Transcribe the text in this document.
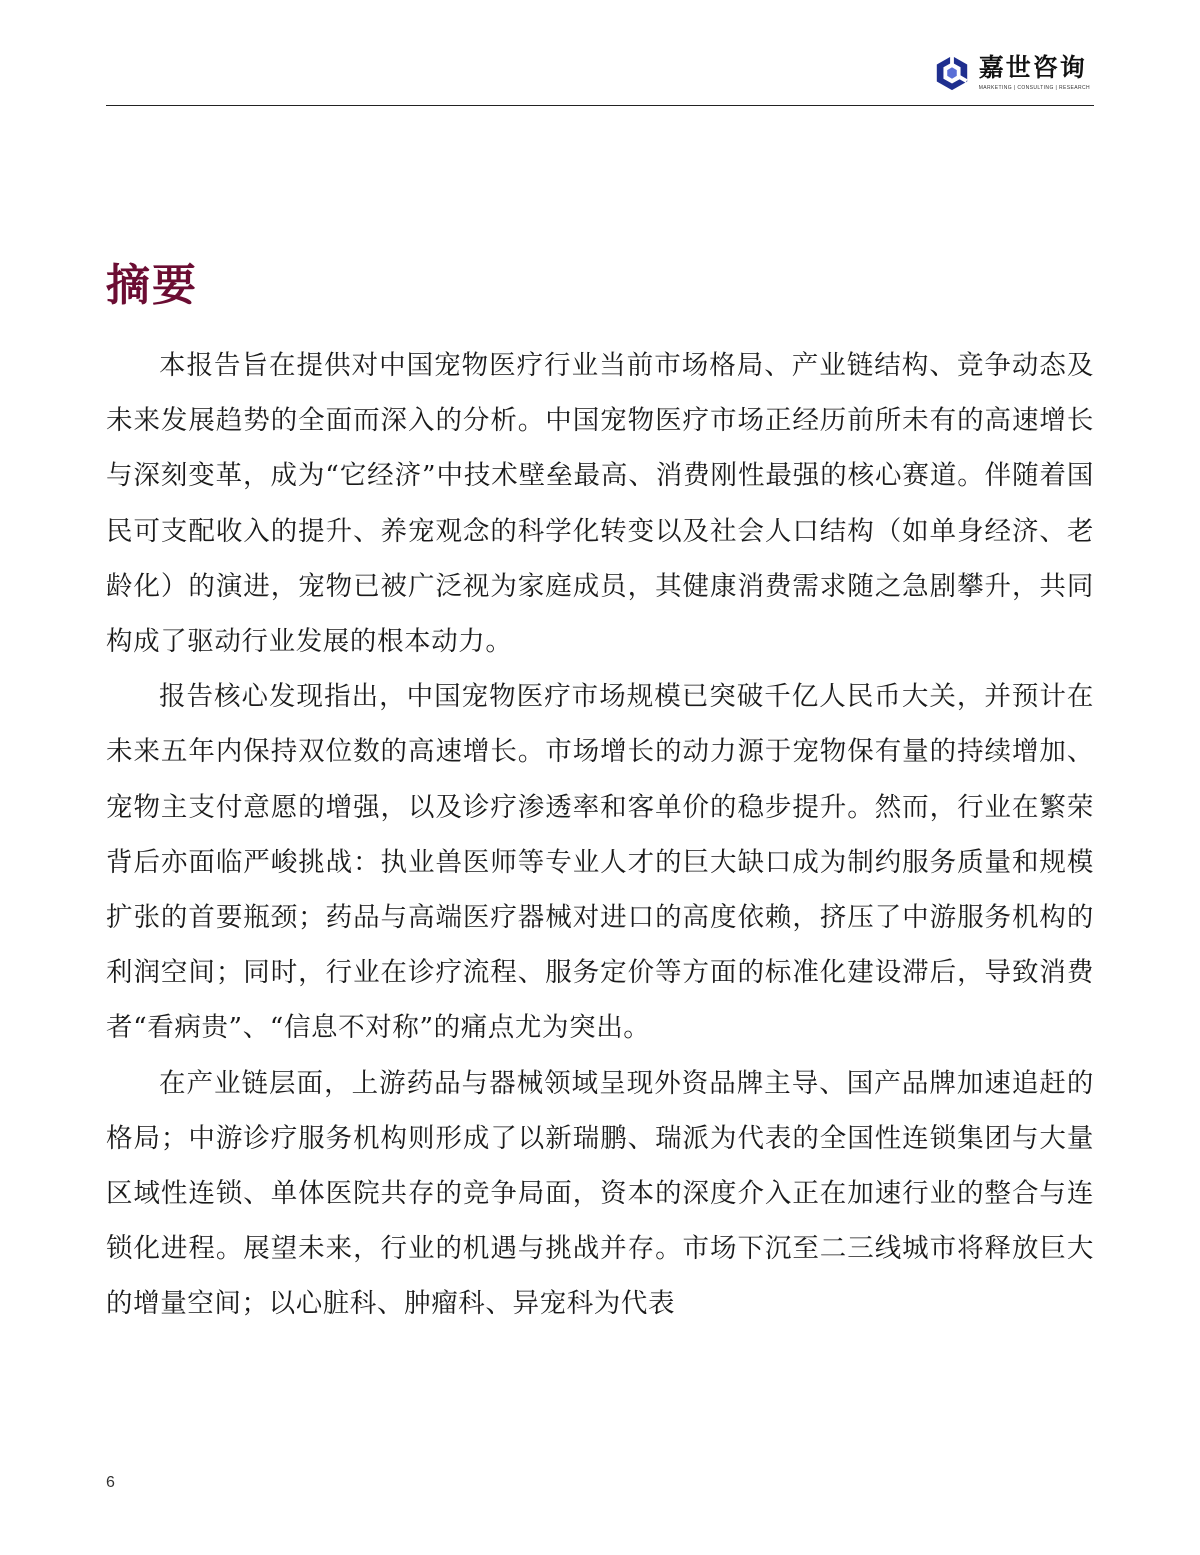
嘉世咨询
MARKETING | CONSULTING | RESEARCH
摘要

本报告旨在提供对中国宠物医疗行业当前市场格局、产业链结构、竞争动态及未来发展趋势的全面而深入的分析。中国宠物医疗市场正经历前所未有的高速增长与深刻变革，成为“它经济”中技术壁垒最高、消费刚性最强的核心赛道。伴随着国民可支配收入的提升、养宠观念的科学化转变以及社会人口结构（如单身经济、老龄化）的演进，宠物已被广泛视为家庭成员，其健康消费需求随之急剧攀升，共同构成了驱动行业发展的根本动力。

报告核心发现指出，中国宠物医疗市场规模已突破千亿人民币大关，并预计在未来五年内保持双位数的高速增长。市场增长的动力源于宠物保有量的持续增加、宠物主支付意愿的增强，以及诊疗渗透率和客单价的稳步提升。然而，行业在繁荣背后亦面临严峻挑战：执业兽医师等专业人才的巨大缺口成为制约服务质量和规模扩张的首要瓶颈；药品与高端医疗器械对进口的高度依赖，挤压了中游服务机构的利润空间；同时，行业在诊疗流程、服务定价等方面的标准化建设滞后，导致消费者“看病贵”、“信息不对称”的痛点尤为突出。

在产业链层面，上游药品与器械领域呈现外资品牌主导、国产品牌加速追赶的格局；中游诊疗服务机构则形成了以新瑞鹏、瑞派为代表的全国性连锁集团与大量区域性连锁、单体医院共存的竞争局面，资本的深度介入正在加速行业的整合与连锁化进程。展望未来，行业的机遇与挑战并存。市场下沉至二三线城市将释放巨大的增量空间；以心脏科、肿瘤科、异宠科为代表

6
